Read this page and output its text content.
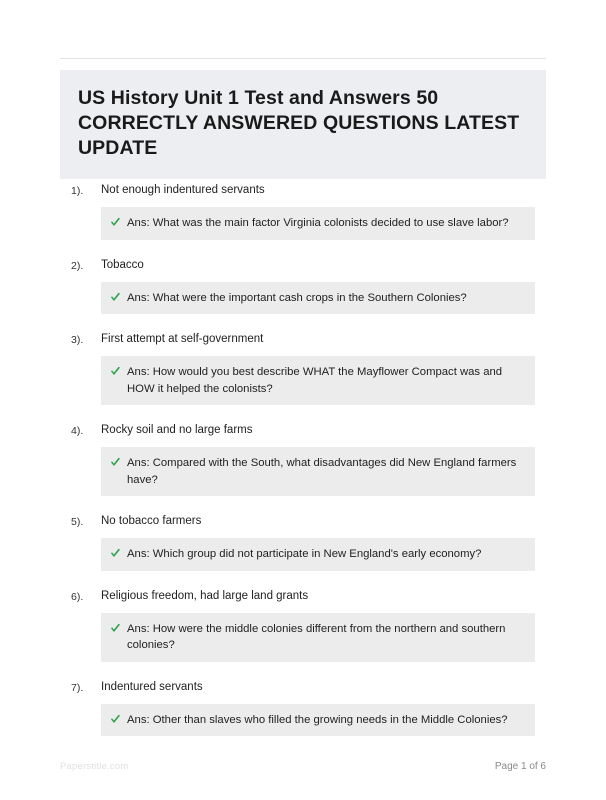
US History Unit 1 Test and Answers 50 CORRECTLY ANSWERED QUESTIONS LATEST UPDATE
1).	Not enough indentured servants
Ans: What was the main factor Virginia colonists decided to use slave labor?
2).	Tobacco
Ans: What were the important cash crops in the Southern Colonies?
3).	First attempt at self-government
Ans: How would you best describe WHAT the Mayflower Compact was and HOW it helped the colonists?
4).	Rocky soil and no large farms
Ans: Compared with the South, what disadvantages did New England farmers have?
5).	No tobacco farmers
Ans: Which group did not participate in New England's early economy?
6).	Religious freedom, had large land grants
Ans: How were the middle colonies different from the northern and southern colonies?
7).	Indentured servants
Ans: Other than slaves who filled the growing needs in the Middle Colonies?
Paperstitle.com	Page 1 of 6
